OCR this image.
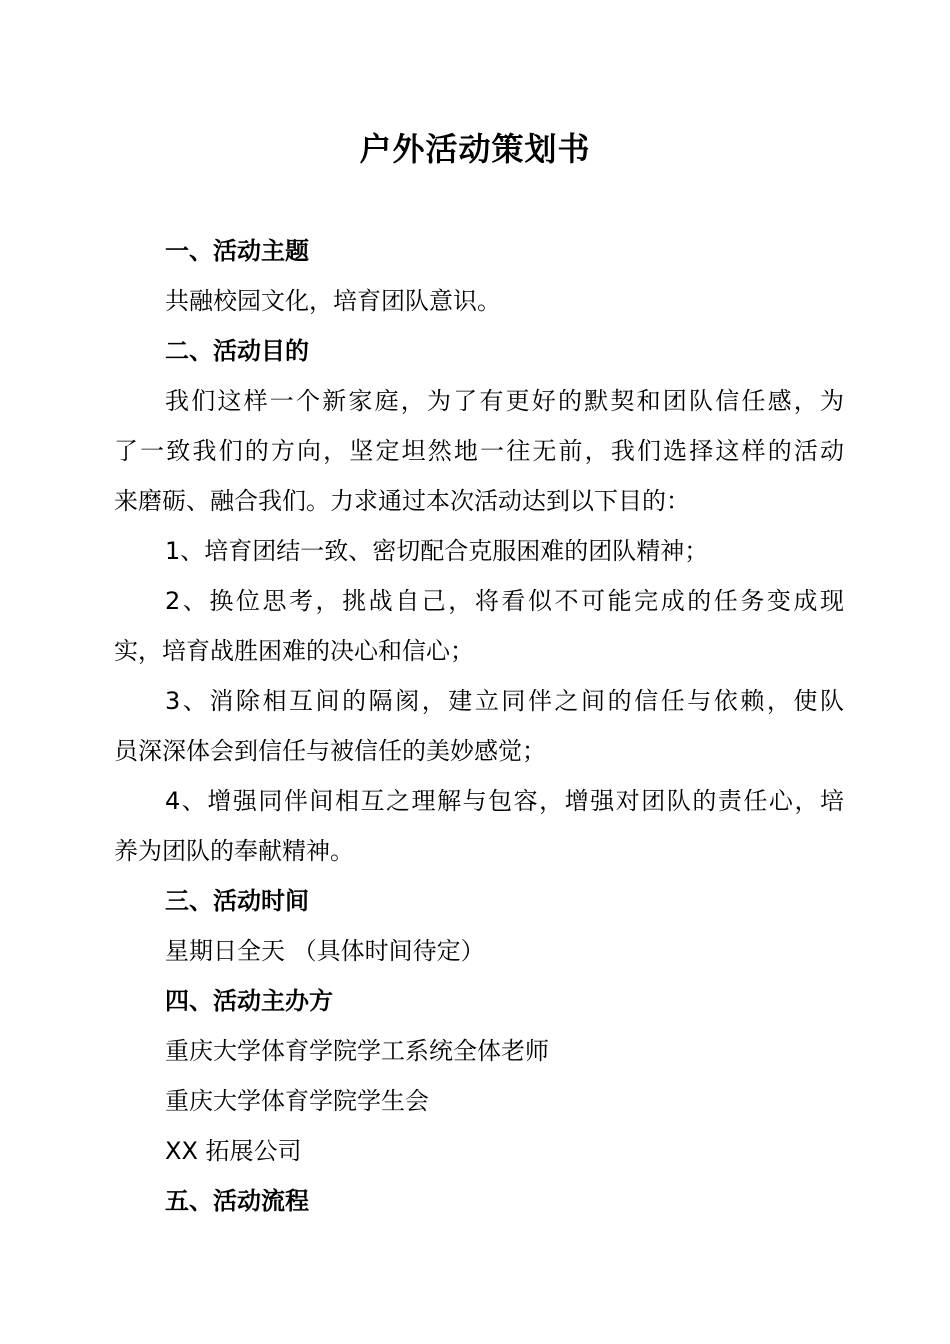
户外活动策划书
一、活动主题
共融校园文化，培育团队意识。
二、活动目的
我们这样一个新家庭，为了有更好的默契和团队信任感，为
了一致我们的方向，坚定坦然地一往无前，我们选择这样的活动
来磨砺、融合我们。力求通过本次活动达到以下目的：
1、培育团结一致、密切配合克服困难的团队精神；
2、换位思考，挑战自己，将看似不可能完成的任务变成现
实，培育战胜困难的决心和信心；
3、消除相互间的隔阂，建立同伴之间的信任与依赖，使队
员深深体会到信任与被信任的美妙感觉；
4、增强同伴间相互之理解与包容，增强对团队的责任心，培
养为团队的奉献精神。
三、活动时间
星期日全天 （具体时间待定）
四、活动主办方
重庆大学体育学院学工系统全体老师
重庆大学体育学院学生会
XX 拓展公司
五、活动流程
